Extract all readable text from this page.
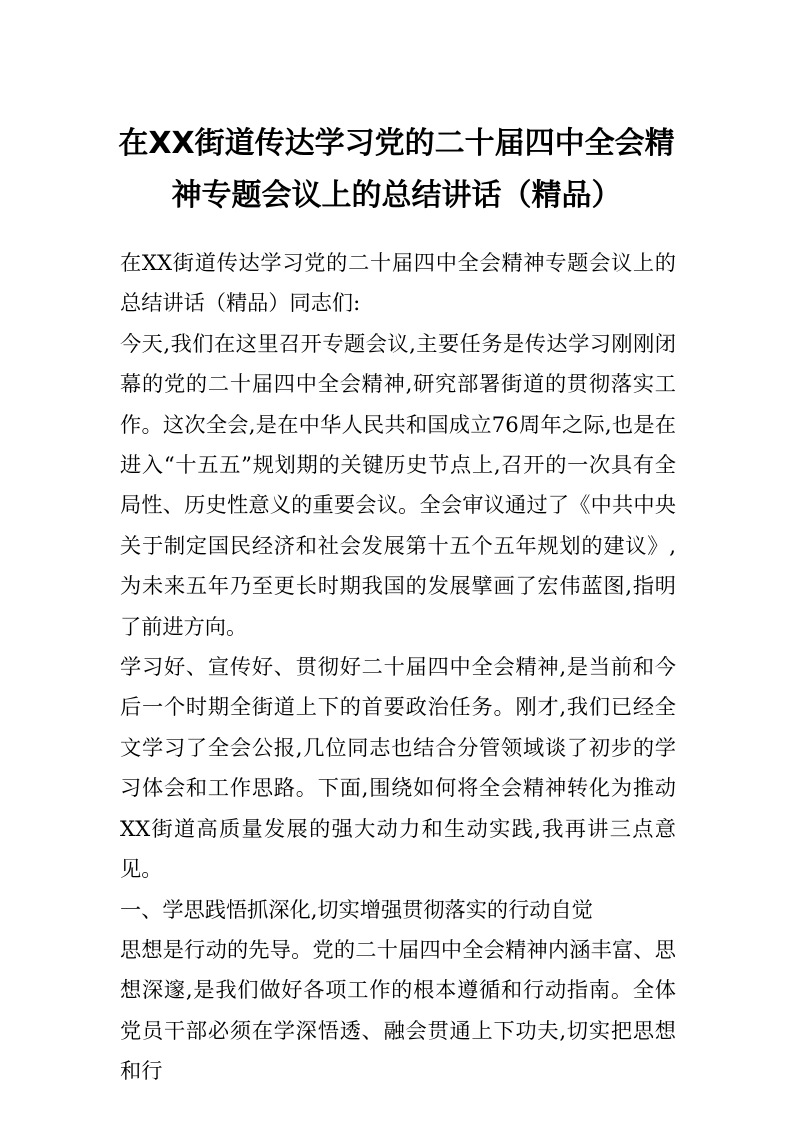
在XX街道传达学习党的二十届四中全会精神专题会议上的总结讲话（精品）

在XX街道传达学习党的二十届四中全会精神专题会议上的总结讲话（精品）同志们:

今天,我们在这里召开专题会议,主要任务是传达学习刚刚闭幕的党的二十届四中全会精神,研究部署街道的贯彻落实工作。这次全会,是在中华人民共和国成立76周年之际,也是在进入“十五五”规划期的关键历史节点上,召开的一次具有全局性、历史性意义的重要会议。全会审议通过了《中共中央关于制定国民经济和社会发展第十五个五年规划的建议》,为未来五年乃至更长时期我国的发展擘画了宏伟蓝图,指明了前进方向。

学习好、宣传好、贯彻好二十届四中全会精神,是当前和今后一个时期全街道上下的首要政治任务。刚才,我们已经全文学习了全会公报,几位同志也结合分管领域谈了初步的学习体会和工作思路。下面,围绕如何将全会精神转化为推动XX街道高质量发展的强大动力和生动实践,我再讲三点意见。

一、学思践悟抓深化,切实增强贯彻落实的行动自觉

思想是行动的先导。党的二十届四中全会精神内涵丰富、思想深邃,是我们做好各项工作的根本遵循和行动指南。全体党员干部必须在学深悟透、融会贯通上下功夫,切实把思想和行
